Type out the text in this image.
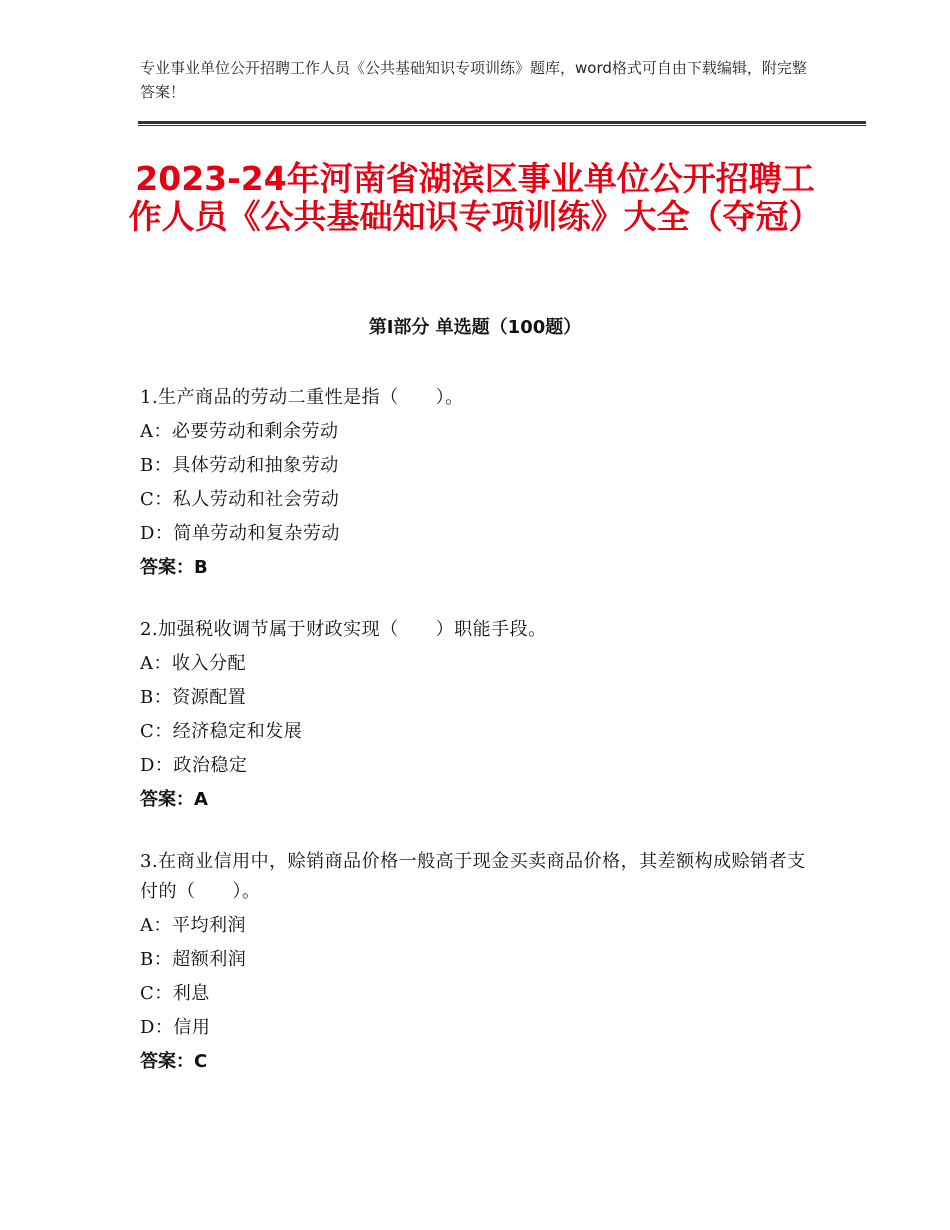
专业事业单位公开招聘工作人员《公共基础知识专项训练》题库，word格式可自由下载编辑，附完整答案！

2023-24年河南省湖滨区事业单位公开招聘工作人员《公共基础知识专项训练》大全（夺冠）
第Ⅰ部分 单选题（100题）

1.生产商品的劳动二重性是指（　　）。

A：必要劳动和剩余劳动

B：具体劳动和抽象劳动

C：私人劳动和社会劳动

D：简单劳动和复杂劳动

答案：B

2.加强税收调节属于财政实现（　　）职能手段。

A：收入分配

B：资源配置

C：经济稳定和发展

D：政治稳定

答案：A

3.在商业信用中，赊销商品价格一般高于现金买卖商品价格，其差额构成赊销者支付的（　　）。

A：平均利润

B：超额利润

C：利息

D：信用

答案：C
